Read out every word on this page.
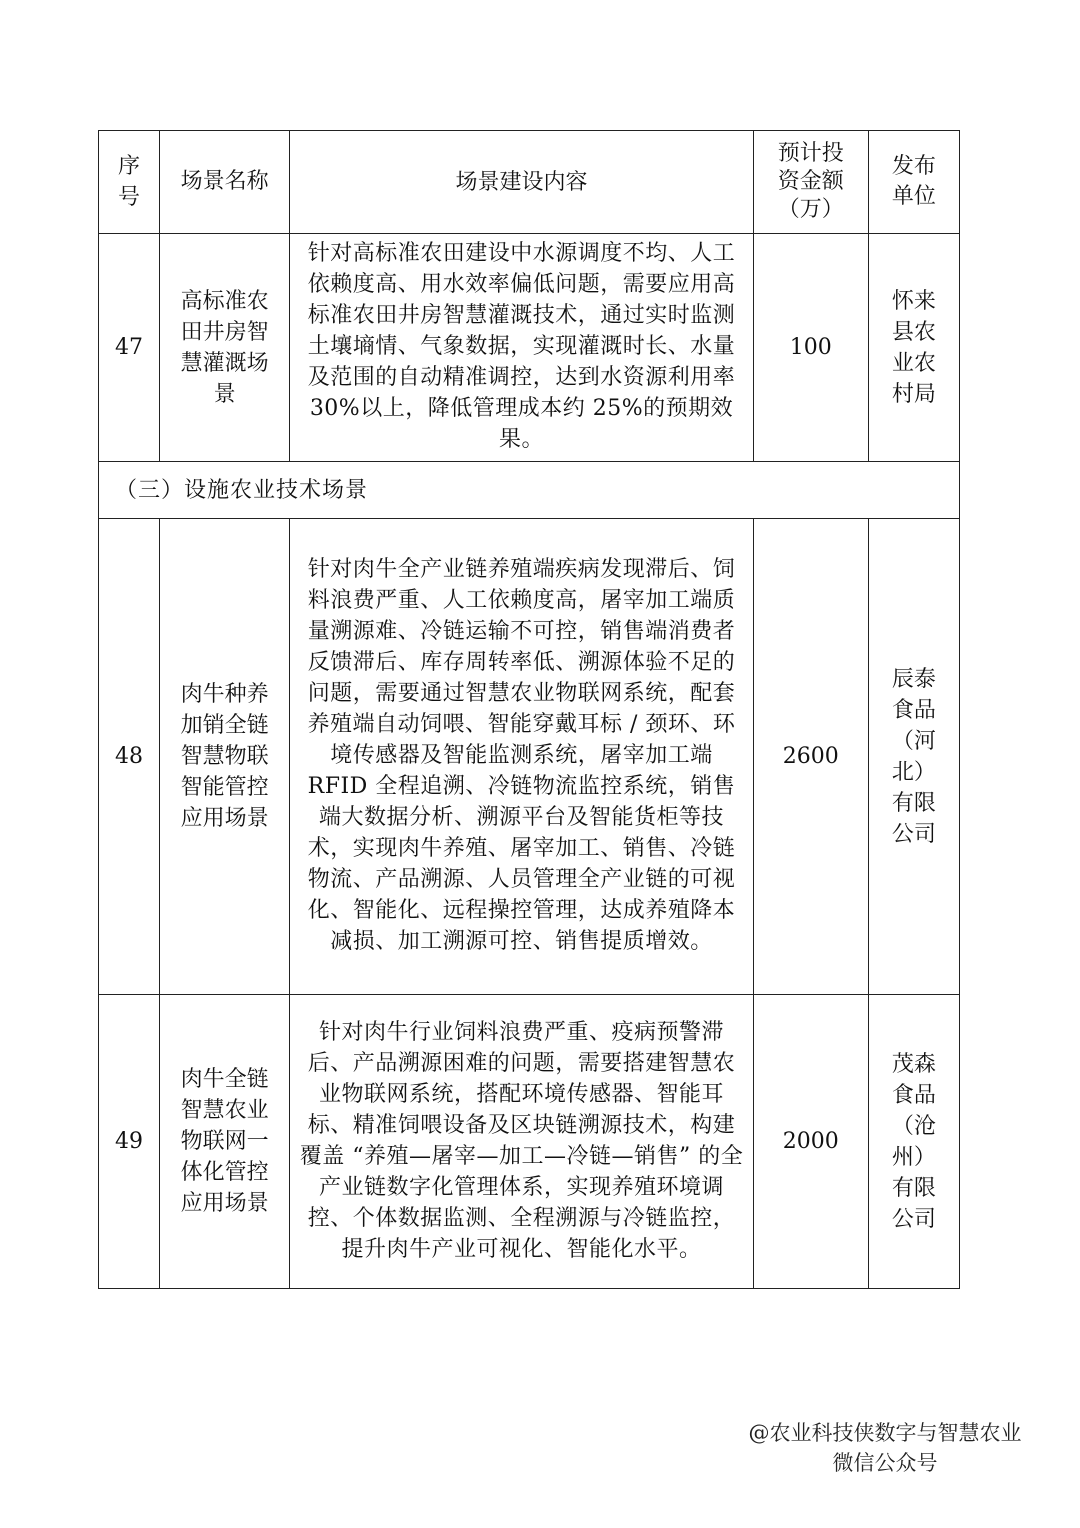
序号	场景名称	场景建设内容	预计投资金额（万）	发布单位

47	高标准农田井房智慧灌溉场景	针对高标准农田建设中水源调度不均、人工依赖度高、用水效率偏低问题，需要应用高标准农田井房智慧灌溉技术，通过实时监测土壤墒情、气象数据，实现灌溉时长、水量及范围的自动精准调控，达到水资源利用率 30%以上，降低管理成本约 25%的预期效果。	100	怀来县农业农村局

（三）设施农业技术场景				

48	肉牛种养加销全链智慧物联智能管控应用场景	针对肉牛全产业链养殖端疾病发现滞后、饲料浪费严重、人工依赖度高，屠宰加工端质量溯源难、冷链运输不可控，销售端消费者反馈滞后、库存周转率低、溯源体验不足的问题，需要通过智慧农业物联网系统，配套养殖端自动饲喂、智能穿戴耳标 / 颈环、环境传感器及智能监测系统，屠宰加工端 RFID 全程追溯、冷链物流监控系统，销售端大数据分析、溯源平台及智能货柜等技术，实现肉牛养殖、屠宰加工、销售、冷链物流、产品溯源、人员管理全产业链的可视化、智能化、远程操控管理，达成养殖降本减损、加工溯源可控、销售提质增效。	2600	辰泰食品（河北）有限公司

49	肉牛全链智慧农业物联网一体化管控应用场景	针对肉牛行业饲料浪费严重、疫病预警滞后、产品溯源困难的问题，需要搭建智慧农业物联网系统，搭配环境传感器、智能耳标、精准饲喂设备及区块链溯源技术，构建覆盖 “养殖—屠宰—加工—冷链—销售” 的全产业链数字化管理体系，实现养殖环境调控、个体数据监测、全程溯源与冷链监控，提升肉牛产业可视化、智能化水平。	2000	茂森食品（沧州）有限公司
@农业科技侠数字与智慧农业
微信公众号
